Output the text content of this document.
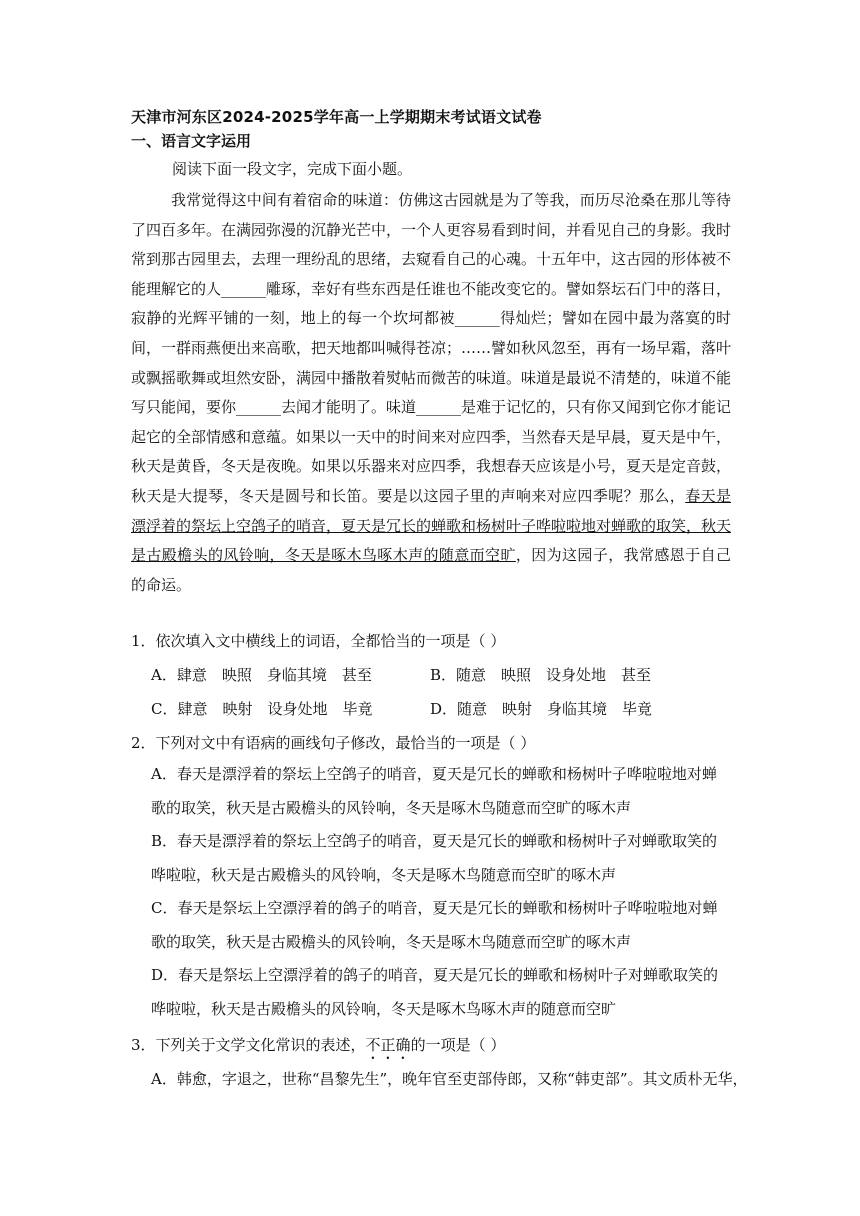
天津市河东区2024-2025学年高一上学期期末考试语文试卷
一、语言文字运用
阅读下面一段文字，完成下面小题。
我常觉得这中间有着宿命的味道：仿佛这古园就是为了等我，而历尽沧桑在那儿等待了四百多年。在满园弥漫的沉静光芒中，一个人更容易看到时间，并看见自己的身影。我时常到那古园里去，去理一理纷乱的思绪，去窥看自己的心魂。十五年中，这古园的形体被不能理解它的人______雕琢，幸好有些东西是任谁也不能改变它的。譬如祭坛石门中的落日，寂静的光辉平铺的一刻，地上的每一个坎坷都被______得灿烂；譬如在园中最为落寞的时间，一群雨燕便出来高歌，把天地都叫喊得苍凉；……譬如秋风忽至，再有一场早霜，落叶或飘摇歌舞或坦然安卧，满园中播散着熨帖而微苦的味道。味道是最说不清楚的，味道不能写只能闻，要你______去闻才能明了。味道______是难于记忆的，只有你又闻到它你才能记起它的全部情感和意蕴。如果以一天中的时间来对应四季，当然春天是早晨，夏天是中午，秋天是黄昏，冬天是夜晚。如果以乐器来对应四季，我想春天应该是小号，夏天是定音鼓，秋天是大提琴，冬天是圆号和长笛。要是以这园子里的声响来对应四季呢？那么，春天是漂浮着的祭坛上空鸽子的哨音，夏天是冗长的蝉歌和杨树叶子哗啦啦地对蝉歌的取笑，秋天是古殿檐头的风铃响，冬天是啄木鸟啄木声的随意而空旷，因为这园子，我常感恩于自己的命运。
1．依次填入文中横线上的词语，全都恰当的一项是（ ）
A．肆意　映照　身临其境　甚至	B．随意　映照　设身处地　甚至
C．肆意　映射　设身处地　毕竟	D．随意　映射　身临其境　毕竟
2．下列对文中有语病的画线句子修改，最恰当的一项是（ ）
A．春天是漂浮着的祭坛上空鸽子的哨音，夏天是冗长的蝉歌和杨树叶子哗啦啦地对蝉歌的取笑，秋天是古殿檐头的风铃响，冬天是啄木鸟随意而空旷的啄木声
B．春天是漂浮着的祭坛上空鸽子的哨音，夏天是冗长的蝉歌和杨树叶子对蝉歌取笑的哗啦啦，秋天是古殿檐头的风铃响，冬天是啄木鸟随意而空旷的啄木声
C．春天是祭坛上空漂浮着的鸽子的哨音，夏天是冗长的蝉歌和杨树叶子哗啦啦地对蝉歌的取笑，秋天是古殿檐头的风铃响，冬天是啄木鸟随意而空旷的啄木声
D．春天是祭坛上空漂浮着的鸽子的哨音，夏天是冗长的蝉歌和杨树叶子对蝉歌取笑的哗啦啦，秋天是古殿檐头的风铃响，冬天是啄木鸟啄木声的随意而空旷
3．下列关于文学文化常识的表述，不正确的一项是（ ）
A．韩愈，字退之，世称“昌黎先生”，晚年官至吏部侍郎，又称“韩吏部”。其文质朴无华，
